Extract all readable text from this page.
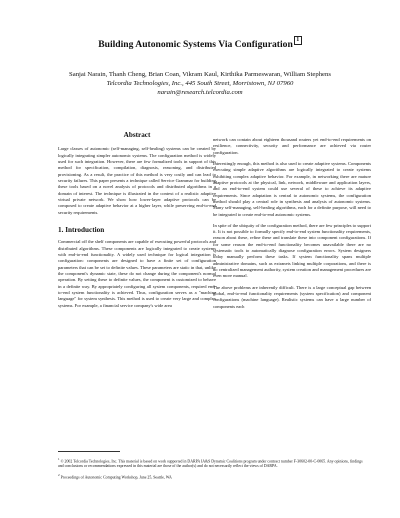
Building Autonomic Systems Via Configuration 1
Sanjai Narain, Thanh Cheng, Brian Coan, Vikram Kaul, Kirthika Parmeswaran, William Stephens
Telcordia Technologies, Inc., 445 South Street, Morristown, NJ 07960
narain@research.telcordia.com
Abstract

Large classes of autonomic (self-managing, self-healing) systems can be created by logically integrating simpler autonomic systems. The configuration method is widely used for such integration. However, there are few formalized tools in support of this method for specification, compilation, diagnosis, reasoning, and distributed provisioning. As a result, the practice of this method is very costly and can lead to security failures. This paper presents a technique called Service Grammar for building these tools based on a novel analysis of protocols and distributed algorithms in a domain of interest. The technique is illustrated in the context of a realistic adaptive virtual private network. We show how lower-layer adaptive protocols can be composed to create adaptive behavior at a higher layer, while preserving end-to-end security requirements.

1. Introduction

Commercial off the shelf components are capable of executing powerful protocols and distributed algorithms. These components are logically integrated to create systems with end-to-end functionality. A widely used technique for logical integration is configuration: components are designed to have a finite set of configuration parameters that can be set to definite values. These parameters are static in that, unlike the component's dynamic state, these do not change during the component's normal operation. By setting these to definite values, the component is customized to behave in a definite way. By appropriately configuring all system components, required end-to-end system functionality is achieved. Thus, configuration serves as a "machine language" for system synthesis. This method is used to create very large and complex systems. For example, a financial service company's wide area

network can contain about eighteen thousand routers yet end-to-end requirements on resilience, connectivity, security and performance are achieved via router configuration.

Interestingly enough, this method is also used to create adaptive systems. Components executing simple adaptive algorithms are logically integrated to create systems exhibiting complex adaptive behavior. For example, in networking there are mature adaptive protocols at the physical, link, network, middleware and application layers, and an end-to-end system could use several of these to achieve its adaptive requirements. Since adaptation is central to autonomic systems, the configuration method should play a central role in synthesis and analysis of autonomic systems. Many self-managing, self-healing algorithms, each for a definite purpose, will need to be integrated to create end-to-end autonomic systems.

In spite of the ubiquity of the configuration method, there are few principles to support it. It is not possible to formally specify end-to-end system functionality requirements, reason about these, refine these and translate these into component configurations. If for some reason the end-to-end functionality becomes unavailable there are no systematic tools to automatically diagnose configuration errors. System designers today manually perform these tasks. If system functionality spans multiple administrative domains, such as extranets linking multiple corporations, and there is no centralized management authority, system creation and management procedures are even more manual.

The above problems are inherently difficult. There is a large conceptual gap between global, end-to-end functionality requirements (system specification) and component configurations (machine language). Realistic systems can have a large number of components each

$^1$ © 2002 Telcordia Technologies, Inc. This material is based on work supported in DARPA IA&S Dynamic Coalitions program under contract number F-30602-00-C-0065. Any opinions, findings and conclusions or recommendations expressed in this material are those of the author(s) and do not necessarily reflect the views of DARPA.

$^2$ Proceedings of Autonomic Computing Workshop, June 25, Seattle, WA
